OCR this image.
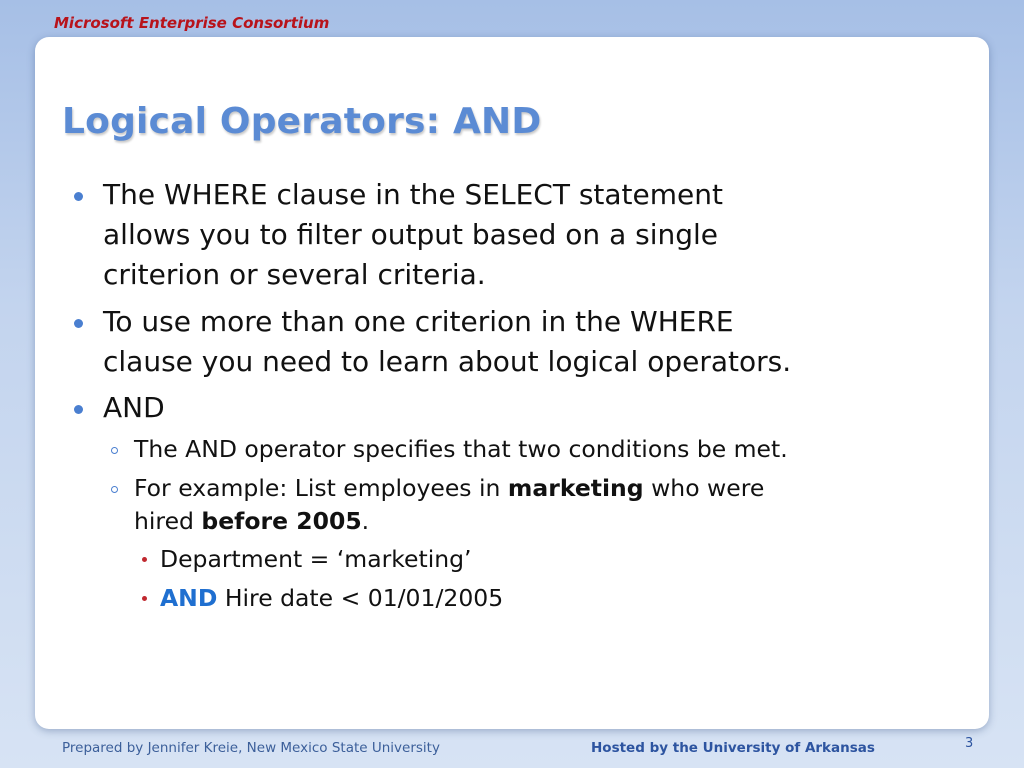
Microsoft Enterprise Consortium
Logical Operators: AND
The WHERE clause in the SELECT statement
allows you to filter output based on a single
criterion or several criteria.
To use more than one criterion in the WHERE
clause you need to learn about logical operators.
AND
The AND operator specifies that two conditions be met.
For example: List employees in marketing who were
hired before 2005.
Department = ‘marketing’
AND Hire date < 01/01/2005
Prepared by Jennifer Kreie, New Mexico State University	Hosted by the University of Arkansas	3
